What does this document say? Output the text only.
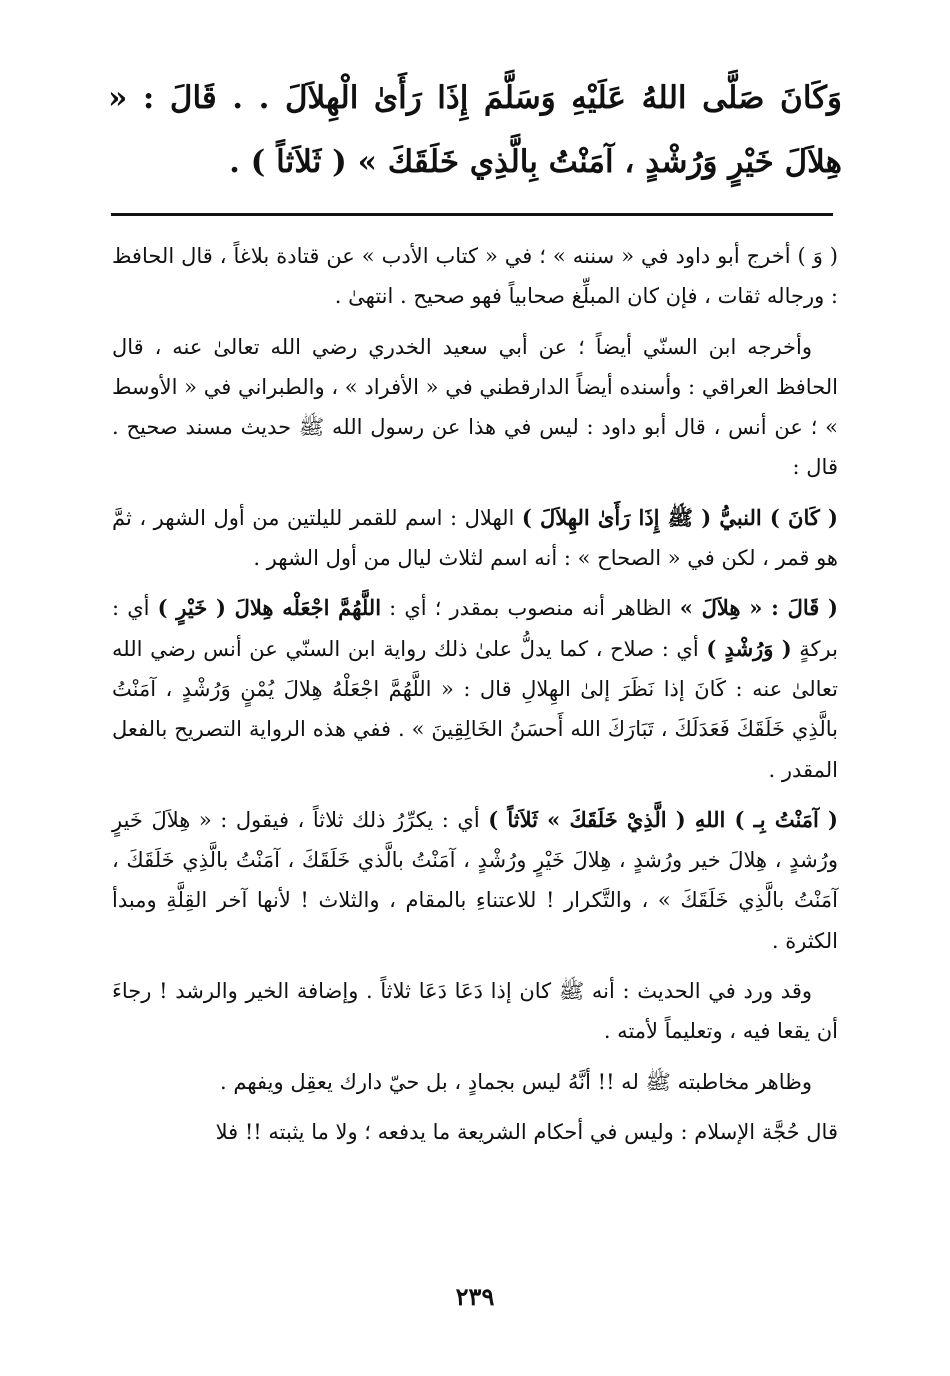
وَكَانَ صَلَّى اللهُ عَلَيْهِ وَسَلَّمَ إِذَا رَأَىٰ الْهِلاَلَ . . قَالَ : « هِلاَلَ خَيْرٍ وَرُشْدٍ ، آمَنْتُ بِالَّذِي خَلَقَكَ » ( ثَلاَثاً ) .

( وَ ) أخرج أبو داود في « سننه » ؛ في « كتاب الأدب » عن قتادة بلاغاً ، قال الحافظ : ورجاله ثقات ، فإن كان المبلِّغ صحابياً فهو صحيح . انتهىٰ .

وأخرجه ابن السنّي أيضاً ؛ عن أبي سعيد الخدري رضي الله تعالىٰ عنه ، قال الحافظ العراقي : وأسنده أيضاً الدارقطني في « الأفراد » ، والطبراني في « الأوسط » ؛ عن أنس ، قال أبو داود : ليس في هذا عن رسول الله ﷺ حديث مسند صحيح . قال :

( كَانَ ) النبيُّ ( ﷺ إِذَا رَأَىٰ الهِلاَلَ ) الهلال : اسم للقمر لليلتين من أول الشهر ، ثمَّ هو قمر ، لكن في « الصحاح » : أنه اسم لثلاث ليال من أول الشهر .

( قَالَ : « هِلاَلَ » الظاهر أنه منصوب بمقدر ؛ أي : اللَّهُمَّ اجْعَلْه هِلالَ ( خَيْرٍ ) أي : بركةٍ ( وَرُشْدٍ ) أي : صلاح ، كما يدلُّ علىٰ ذلك رواية ابن السنّي عن أنس رضي الله تعالىٰ عنه : كَانَ إذا نَظَرَ إلىٰ الهِلالِ قال : « اللَّهُمَّ اجْعَلْهُ هِلالَ يُمْنٍ وَرُشْدٍ ، آمَنْتُ بالَّذِي خَلَقَكَ فَعَدَلَكَ ، تَبَارَكَ الله أَحسَنُ الخَالِقِينَ » . ففي هذه الرواية التصريح بالفعل المقدر .

( آمَنْتُ بِـ ) اللهِ ( الَّذِيْ خَلَقَكَ » ثَلاَثاً ) أي : يكرِّرُ ذلك ثلاثاً ، فيقول : « هِلاَلَ خَيرٍ ورُشدٍ ، هِلالَ خير ورُشدٍ ، هِلالَ خَيْرٍ ورُشْدٍ ، آمَنْتُ بالَّذي خَلَقَكَ ، آمَنْتُ بالَّذِي خَلَقَكَ ، آمَنْتُ بالَّذِي خَلَقَكَ » ، والتَّكرار ! للاعتناءِ بالمقام ، والثلاث ! لأنها آخر القِلَّةِ ومبدأ الكثرة .

وقد ورد في الحديث : أنه ﷺ كان إذا دَعَا دَعَا ثلاثاً . وإضافة الخير والرشد ! رجاءَ أن يقعا فيه ، وتعليماً لأمته .

وظاهر مخاطبته ﷺ له !! أنَّهُ ليس بجمادٍ ، بل حيّ دارك يعقِل ويفهم .

قال حُجَّة الإسلام : وليس في أحكام الشريعة ما يدفعه ؛ ولا ما يثبته !! فلا

٢٣٩
